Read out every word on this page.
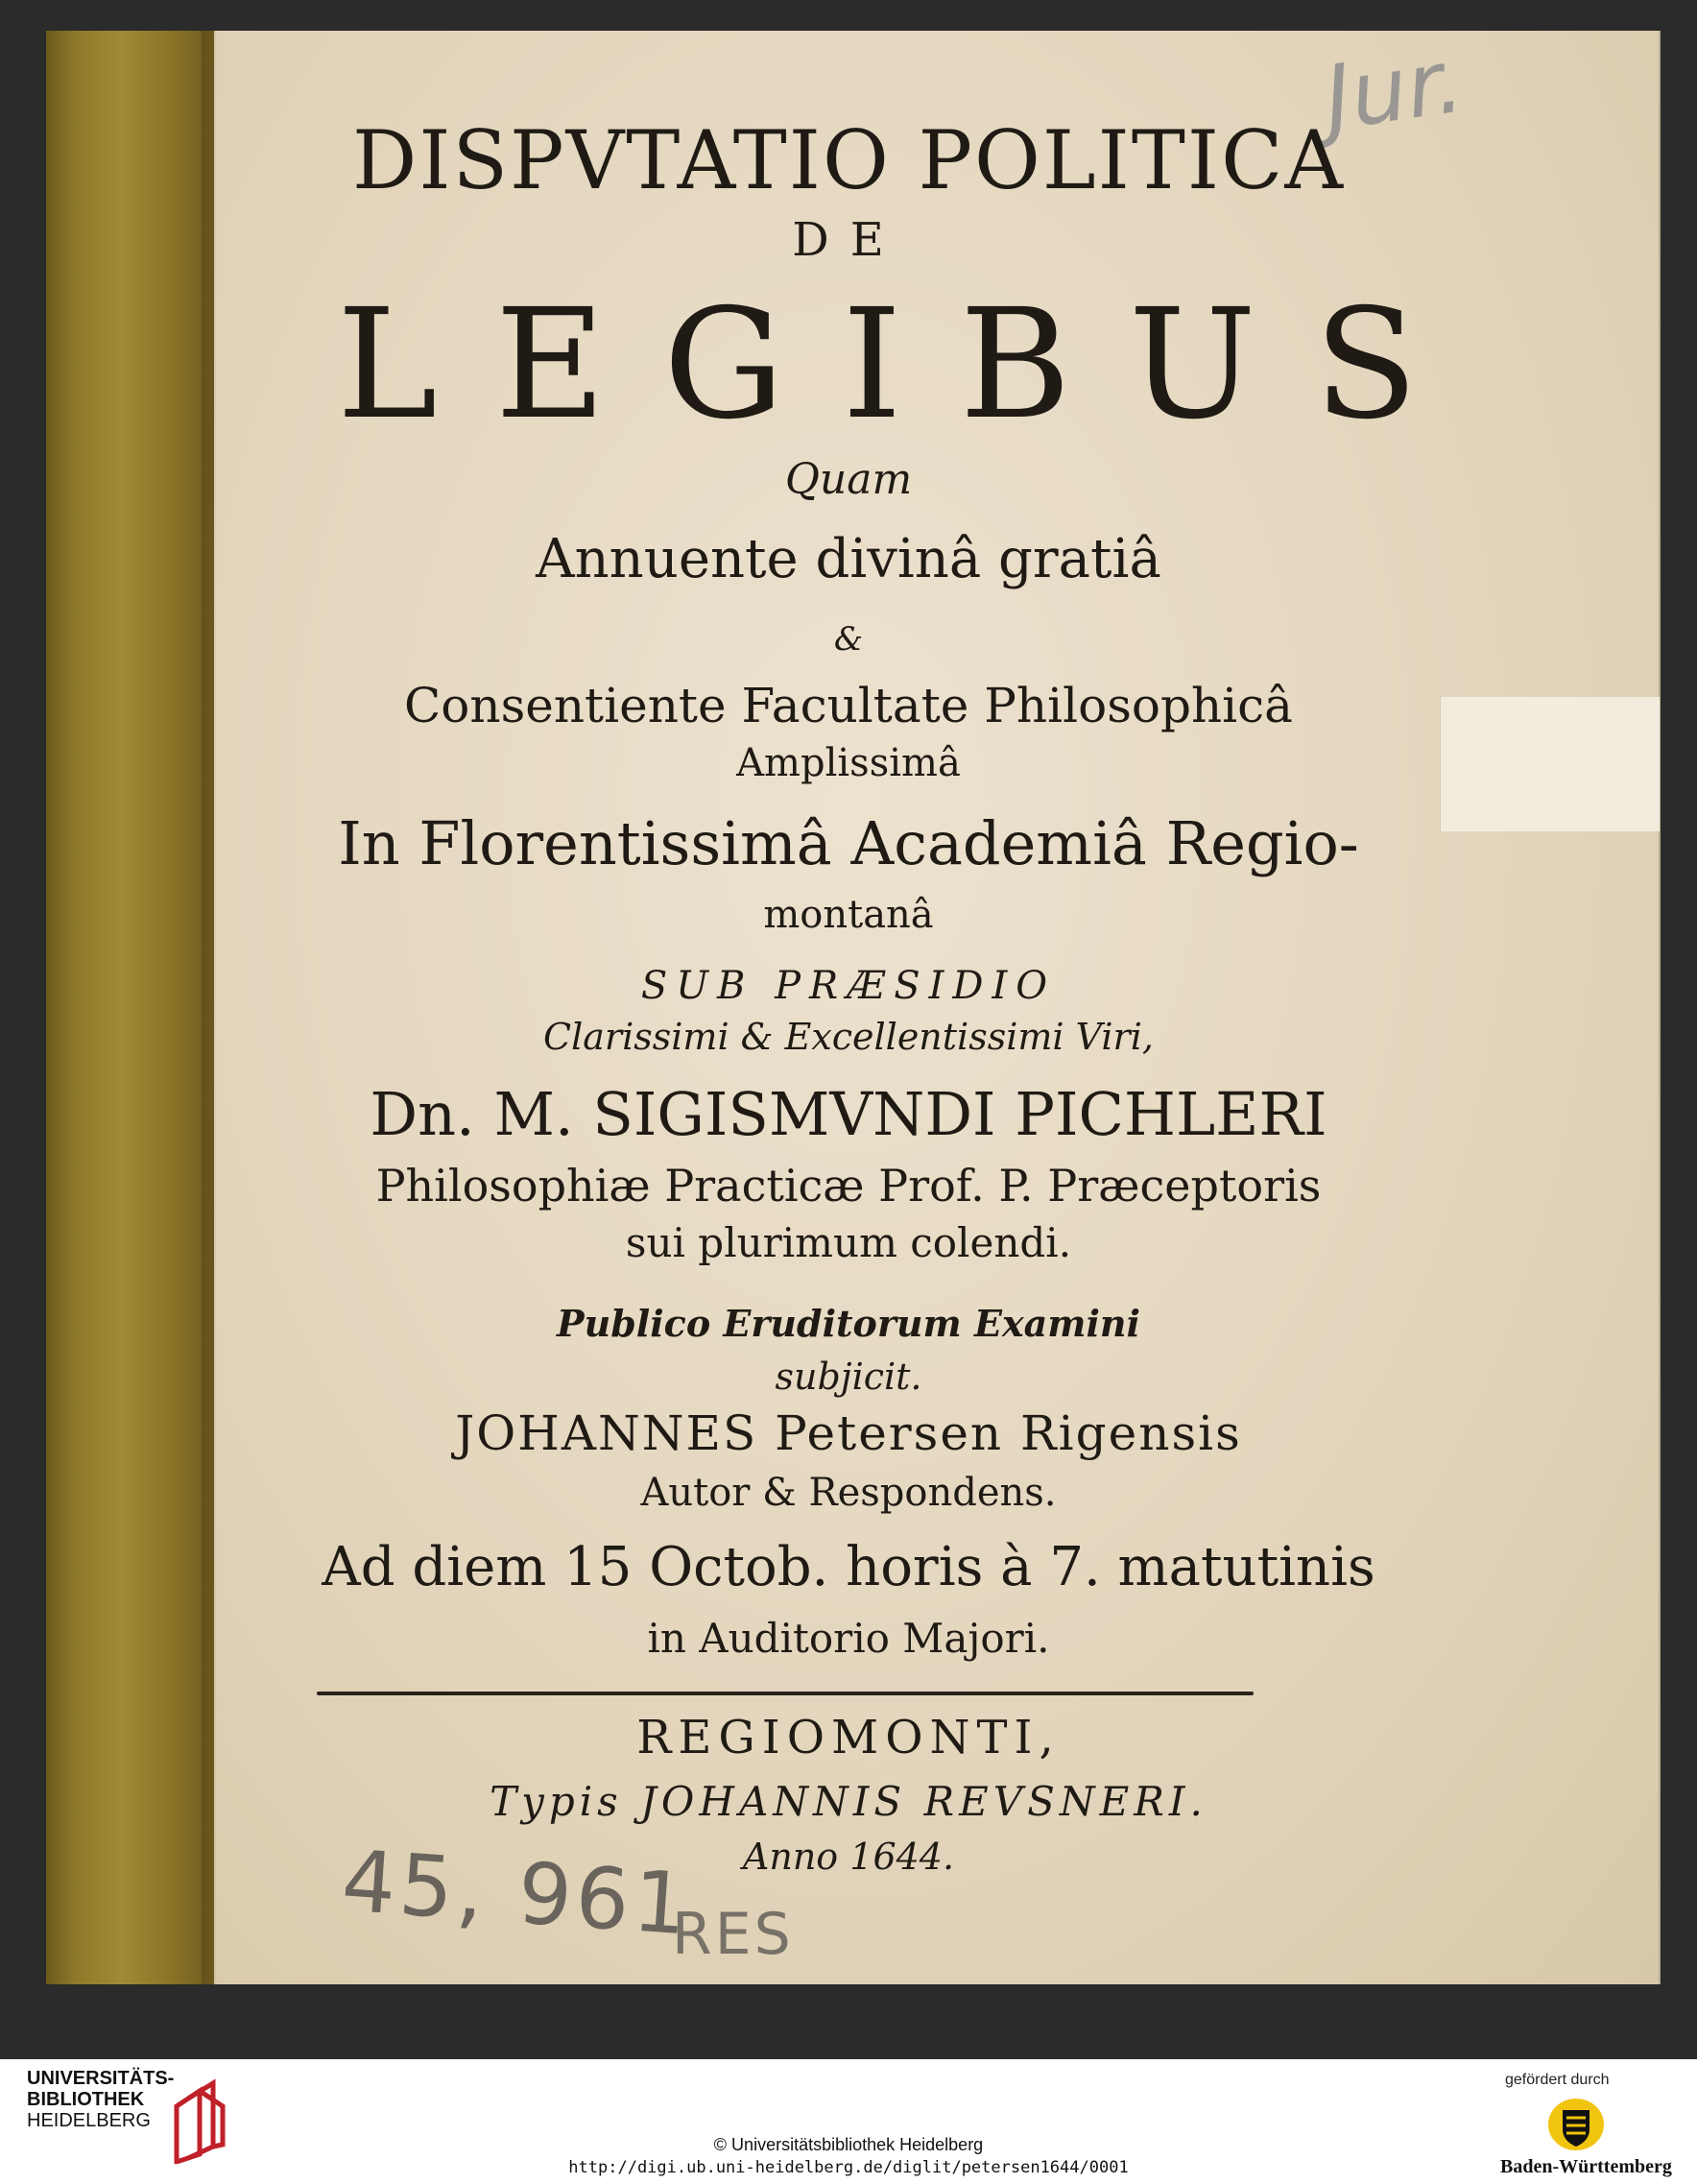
Jur.
DISPVTATIO POLITICA
DE
LEGIBUS
Quam
Annuente divinâ gratiâ
&
Consentiente Facultate Philosophicâ
Amplissimâ
In Florentissimâ Academiâ Regio-
montanâ
SUB PRÆSIDIO
Clarissimi & Excellentissimi Viri,
Dn. M. SIGISMVNDI PICHLERI
Philosophiæ Practicæ Prof. P. Præceptoris
sui plurimum colendi.
Publico Eruditorum Examini
subjicit.
JOHANNES Petersen Rigensis
Autor & Respondens.
Ad diem 15 Octob. horis à 7. matutinis
in Auditorio Majori.
REGIOMONTI,
Typis JOHANNIS REVSNERI.
Anno 1644.
45, 961
RES
UNIVERSITÄTS-
BIBLIOTHEK
HEIDELBERG
© Universitätsbibliothek Heidelberg
http://digi.ub.uni-heidelberg.de/diglit/petersen1644/0001
gefördert durch
Baden-Württemberg
